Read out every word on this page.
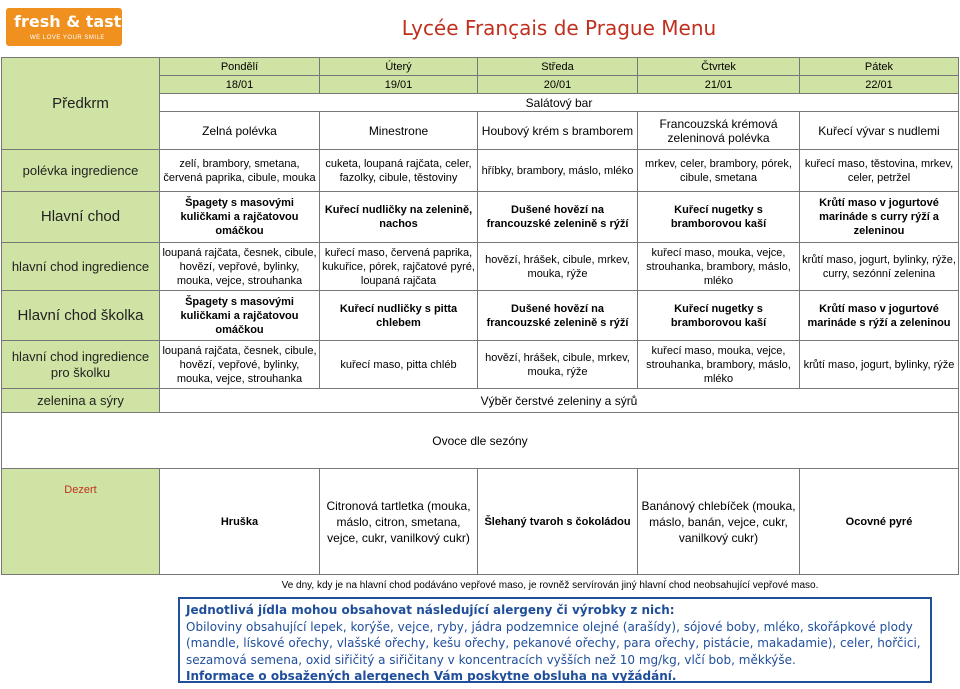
fresh & tasty
WE LOVE YOUR SMILE	Lycée Français de Prague Menu
Předkrm	Pondělí	Úterý	Středa	Čtvrtek	Pátek
	18/01	19/01	20/01	21/01	22/01
	Salátový bar				
	Zelná polévka	Minestrone	Houbový krém s bramborem	Francouzská krémová zeleninová polévka	Kuřecí vývar s nudlemi
polévka ingredience	zelí, brambory, smetana, červená paprika, cibule, mouka	cuketa, loupaná rajčata, celer, fazolky, cibule, těstoviny	hříbky, brambory, máslo, mléko	mrkev, celer, brambory, pórek, cibule, smetana	kuřecí maso, těstovina, mrkev, celer, petržel
Hlavní chod	Špagety s masovými kuličkami a rajčatovou omáčkou	Kuřecí nudličky na zelenině, nachos	Dušené hovězí na francouzské zelenině s rýží	Kuřecí nugetky s bramborovou kaší	Krůtí maso v jogurtové marináde s curry rýží a zeleninou
hlavní chod ingredience	loupaná rajčata, česnek, cibule, hovězí, vepřové, bylinky, mouka, vejce, strouhanka	kuřecí maso, červená paprika, kukuřice, pórek, rajčatové pyré, loupaná rajčata	hovězí, hrášek, cibule, mrkev, mouka, rýže	kuřecí maso, mouka, vejce, strouhanka, brambory, máslo, mléko	krůtí maso, jogurt, bylinky, rýže, curry, sezónní zelenina
Hlavní chod školka	Špagety s masovými kuličkami a rajčatovou omáčkou	Kuřecí nudličky s pitta chlebem	Dušené hovězí na francouzské zelenině s rýží	Kuřecí nugetky s bramborovou kaší	Krůtí maso v jogurtové marináde s rýží a zeleninou
hlavní chod ingredience pro školku	loupaná rajčata, česnek, cibule, hovězí, vepřové, bylinky, mouka, vejce, strouhanka	kuřecí maso, pitta chléb	hovězí, hrášek, cibule, mrkev, mouka, rýže	kuřecí maso, mouka, vejce, strouhanka, brambory, máslo, mléko	krůtí maso, jogurt, bylinky, rýže
zelenina a sýry	Výběr čerstvé zeleniny a sýrů				
Ovoce dle sezóny					
Dezert	Hruška	Citronová tartletka (mouka, máslo, citron, smetana, vejce, cukr, vanilkový cukr)	Šlehaný tvaroh s čokoládou	Banánový chlebíček (mouka, máslo, banán, vejce, cukr, vanilkový cukr)	Ocovné pyré
Ve dny, kdy je na hlavní chod podáváno vepřové maso, je rovněž servírován jiný hlavní chod neobsahující vepřové maso.
Jednotlivá jídla mohou obsahovat následující alergeny či výrobky z nich:
Obiloviny obsahující lepek, korýše, vejce, ryby, jádra podzemnice olejné (arašídy), sójové boby, mléko, skořápkové plody (mandle, lískové ořechy, vlašské ořechy, kešu ořechy, pekanové ořechy, para ořechy, pistácie, makadamie), celer, hořčici, sezamová semena, oxid siřičitý a siřičitany v koncentracích vyšších než 10 mg/kg, vlčí bob, měkkýše.
Informace o obsažených alergenech Vám poskytne obsluha na vyžádání.
